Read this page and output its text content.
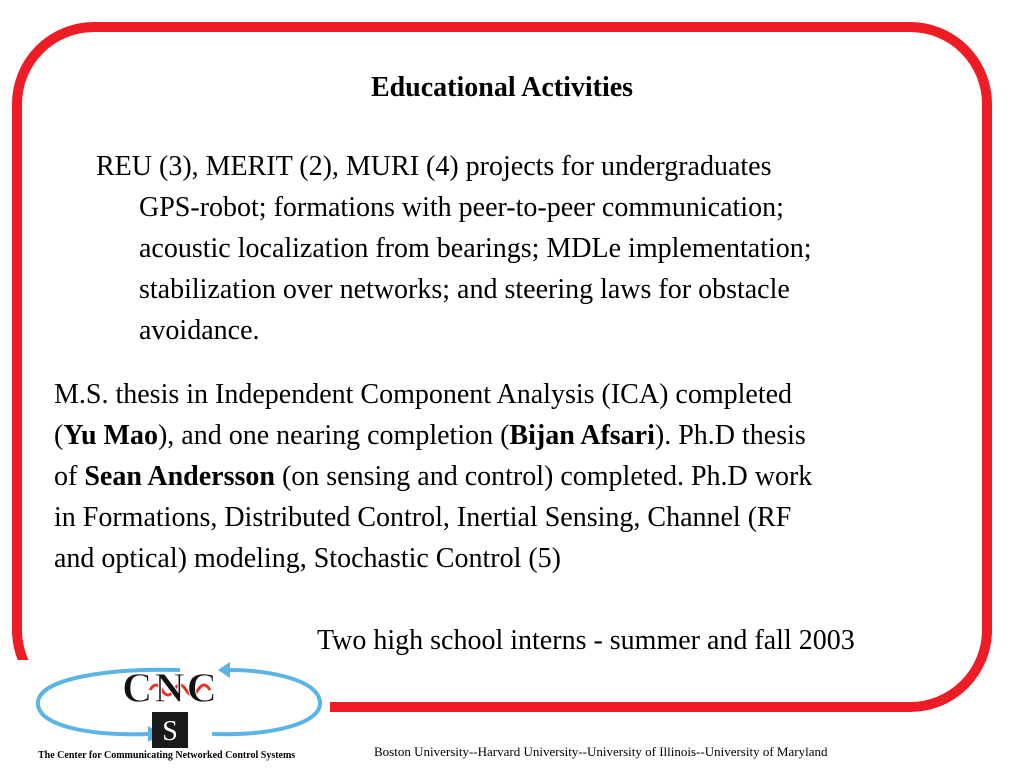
Educational Activities
REU (3), MERIT (2), MURI (4) projects for undergraduates
GPS-robot; formations with peer-to-peer communication;
acoustic localization from bearings; MDLe implementation;
stabilization over networks; and steering laws for obstacle
avoidance.
M.S. thesis in Independent Component Analysis (ICA) completed
(Yu Mao), and one nearing completion (Bijan Afsari). Ph.D thesis
of Sean Andersson (on sensing and control) completed. Ph.D work
in Formations, Distributed Control, Inertial Sensing, Channel (RF
and optical) modeling, Stochastic Control (5)
Two high school interns - summer and fall 2003
CNC
S
The Center for Communicating Networked Control Systems	Boston University--Harvard University--University of Illinois--University of Maryland
